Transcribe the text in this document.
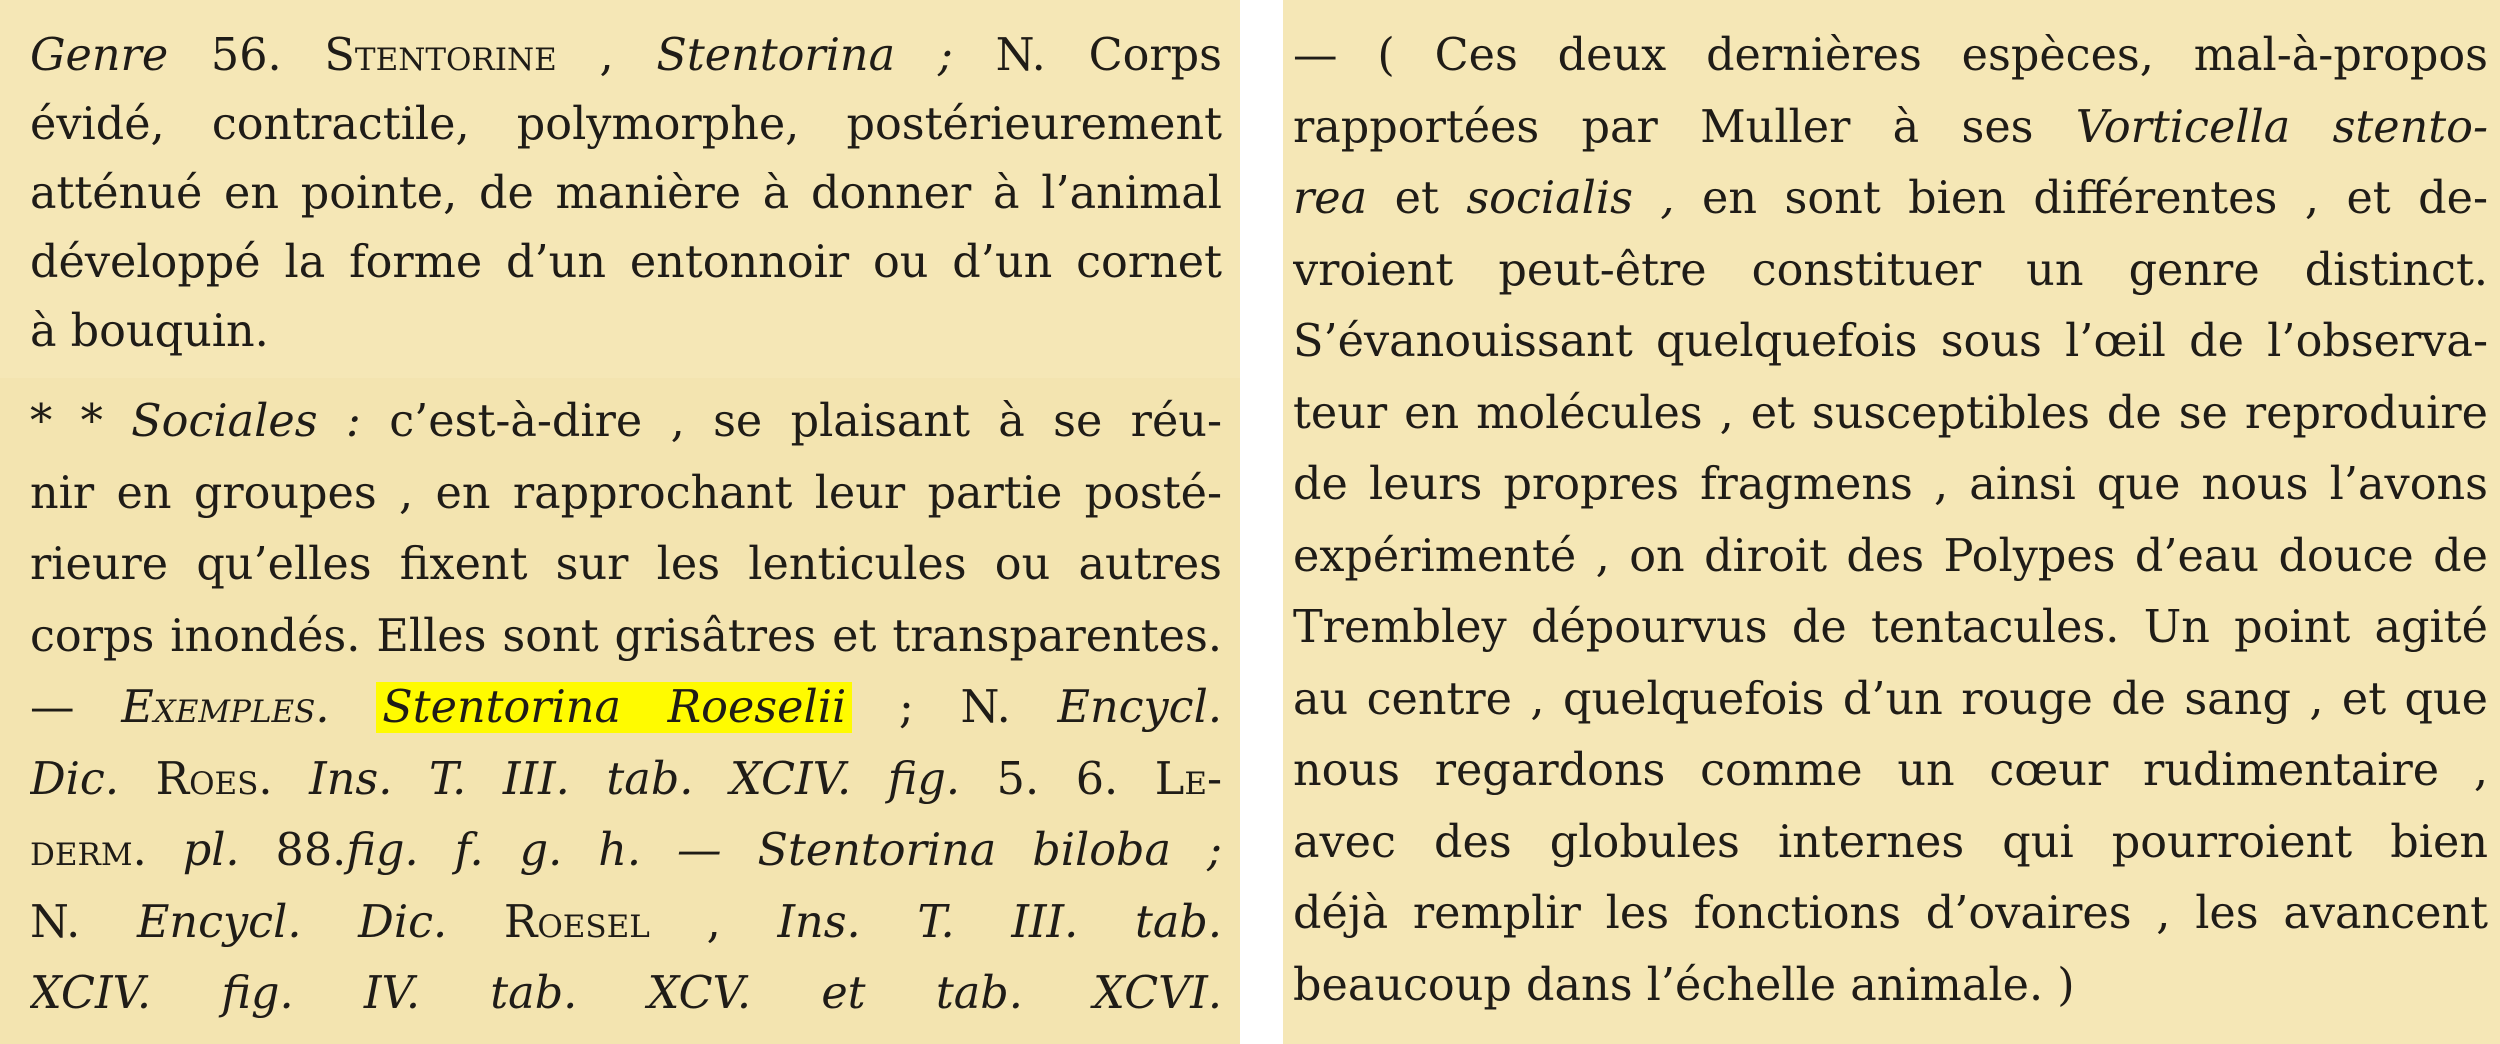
Genre 56. Stentorine , Stentorina ; N. Corps
évidé, contractile, polymorphe, postérieurement
atténué en pointe, de manière à donner à l’animal
développé la forme d’un entonnoir ou d’un cornet
à bouquin.
* * Sociales : c’est-à-dire , se plaisant à se réu-
nir en groupes , en rapprochant leur partie posté-
rieure qu’elles fixent sur les lenticules ou autres
corps inondés. Elles sont grisâtres et transparentes.
— Exemples. Stentorina Roeselii ; N. Encycl.
Dic. Roes. Ins. T. III. tab. XCIV. fig. 5. 6. Le-
derm. pl. 88.fig. f. g. h. — Stentorina biloba ;
N. Encycl. Dic. Roesel , Ins. T. III. tab.
XCIV. fig. IV. tab. XCV. et tab. XCVI.
— ( Ces deux dernières espèces, mal-à-propos
rapportées par Muller à ses Vorticella stento-
rea et socialis , en sont bien différentes , et de-
vroient peut-être constituer un genre distinct.
S’évanouissant quelquefois sous l’œil de l’observa-
teur en molécules , et susceptibles de se reproduire
de leurs propres fragmens , ainsi que nous l’avons
expérimenté , on diroit des Polypes d’eau douce de
Trembley dépourvus de tentacules. Un point agité
au centre , quelquefois d’un rouge de sang , et que
nous regardons comme un cœur rudimentaire ,
avec des globules internes qui pourroient bien
déjà remplir les fonctions d’ovaires , les avancent
beaucoup dans l’échelle animale. )
